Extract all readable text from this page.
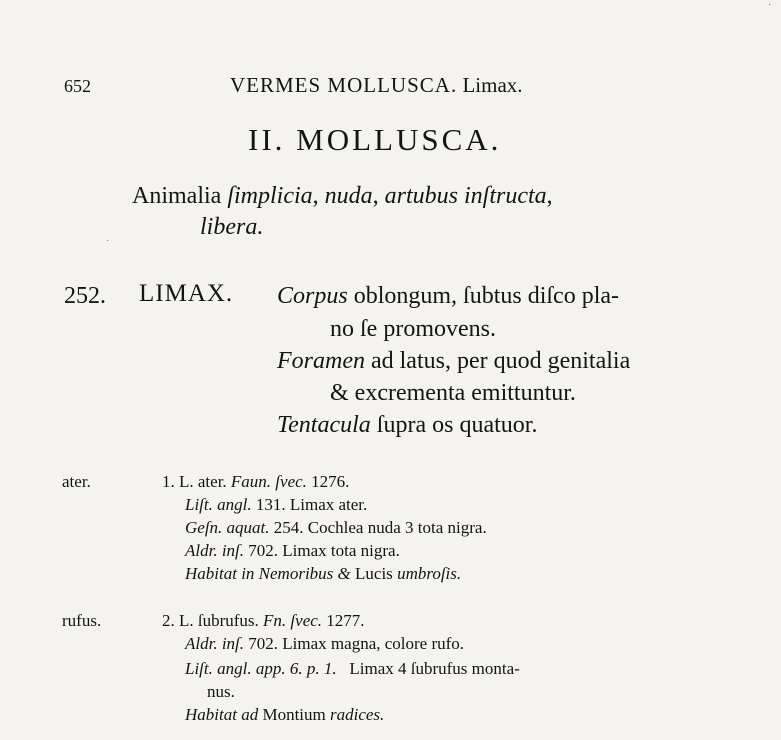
652	VERMES MOLLUSCA. Limax.
II. MOLLUSCA.
Animalia ſimplicia, nuda, artubus inſtructa,
libera.
252. LIMAX. Corpus oblongum, ſubtus diſco pla-
no ſe promovens.
Foramen ad latus, per quod genitalia
& excrementa emittuntur.
Tentacula ſupra os quatuor.
ater.	1. L. ater. Faun. ſvec. 1276.
Liſt. angl. 131. Limax ater.
Geſn. aquat. 254. Cochlea nuda 3 tota nigra.
Aldr. inſ. 702. Limax tota nigra.
Habitat in Nemoribus & Lucis umbroſis.
rufus.	2. L. ſubrufus. Fn. ſvec. 1277.
Aldr. inſ. 702. Limax magna, colore rufo.
Liſt. angl. app. 6. p. 1. Limax 4 ſubrufus monta-
nus.
Habitat ad Montium radices.
·
·
